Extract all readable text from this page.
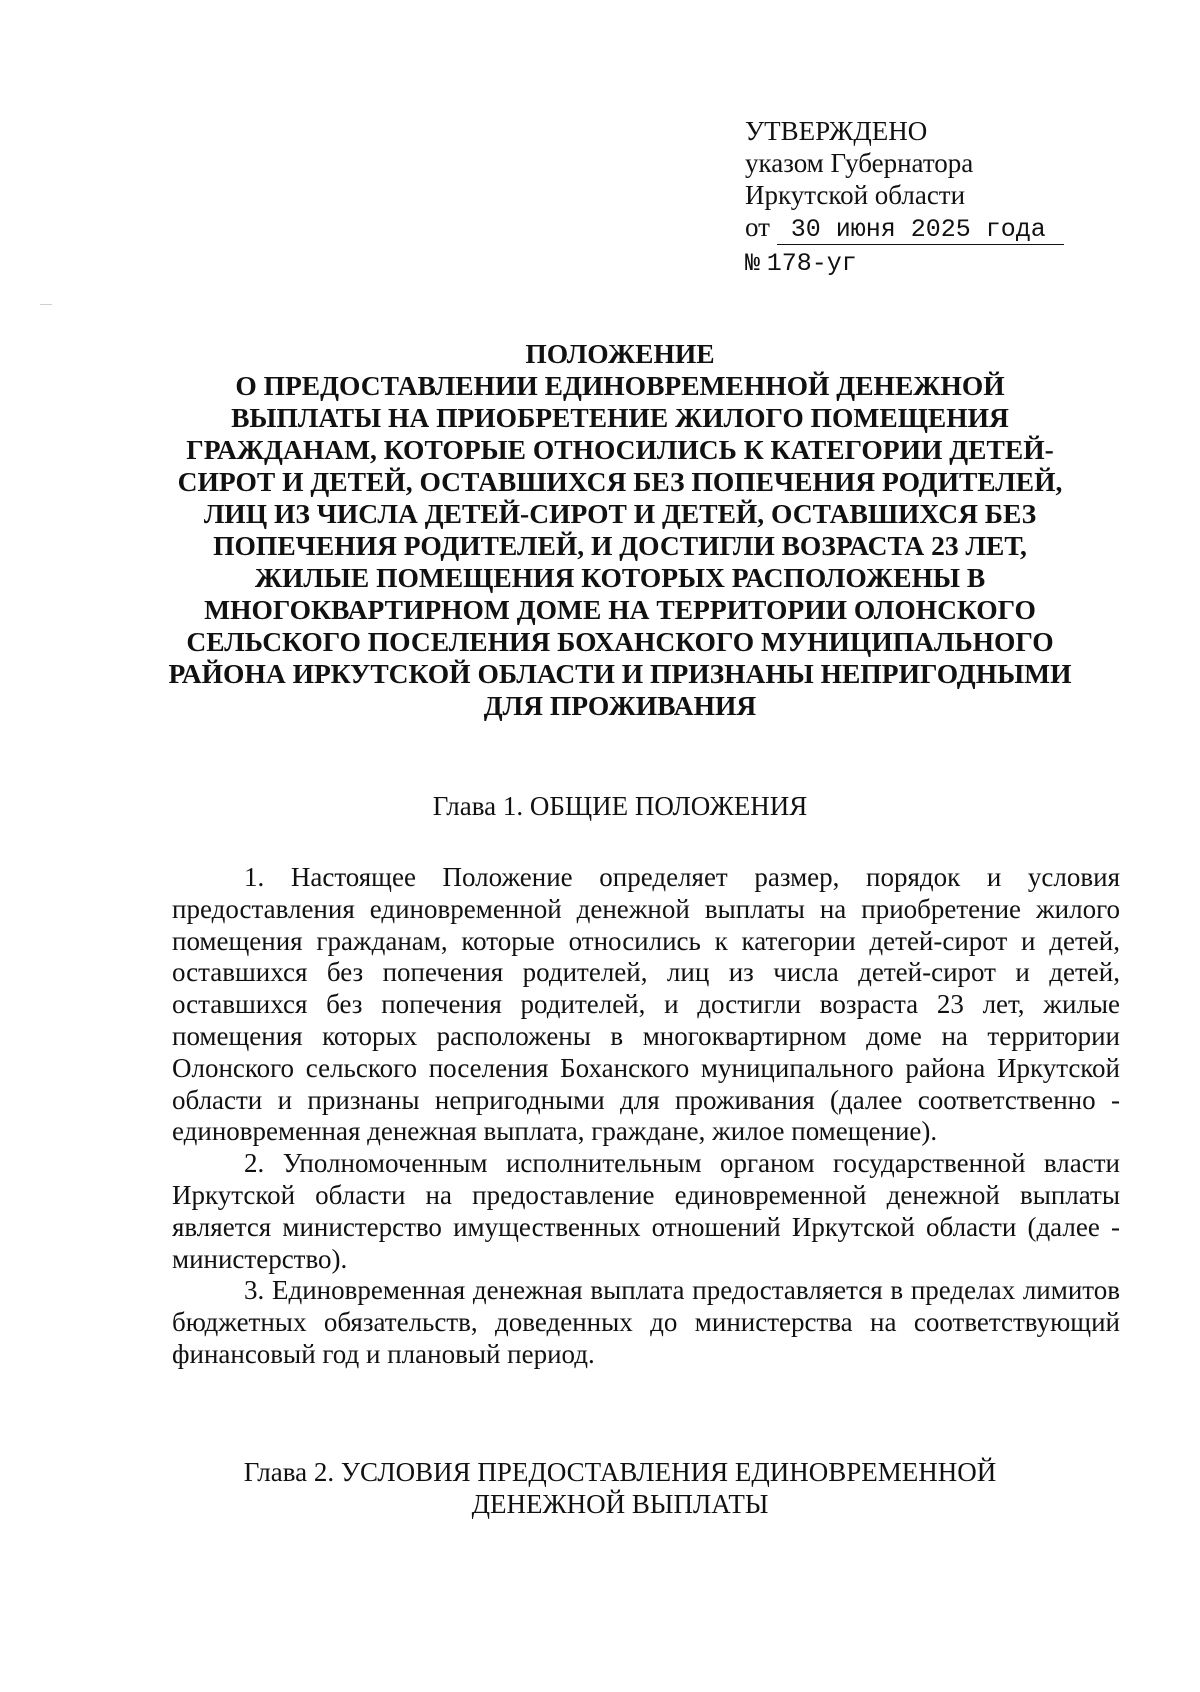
УТВЕРЖДЕНО
указом Губернатора
Иркутской области
от 30 июня 2025 года
№ 178-уг
ПОЛОЖЕНИЕ
О ПРЕДОСТАВЛЕНИИ ЕДИНОВРЕМЕННОЙ ДЕНЕЖНОЙ
ВЫПЛАТЫ НА ПРИОБРЕТЕНИЕ ЖИЛОГО ПОМЕЩЕНИЯ
ГРАЖДАНАМ, КОТОРЫЕ ОТНОСИЛИСЬ К КАТЕГОРИИ ДЕТЕЙ-
СИРОТ И ДЕТЕЙ, ОСТАВШИХСЯ БЕЗ ПОПЕЧЕНИЯ РОДИТЕЛЕЙ,
ЛИЦ ИЗ ЧИСЛА ДЕТЕЙ-СИРОТ И ДЕТЕЙ, ОСТАВШИХСЯ БЕЗ
ПОПЕЧЕНИЯ РОДИТЕЛЕЙ, И ДОСТИГЛИ ВОЗРАСТА 23 ЛЕТ,
ЖИЛЫЕ ПОМЕЩЕНИЯ КОТОРЫХ РАСПОЛОЖЕНЫ В
МНОГОКВАРТИРНОМ ДОМЕ НА ТЕРРИТОРИИ ОЛОНСКОГО
СЕЛЬСКОГО ПОСЕЛЕНИЯ БОХАНСКОГО МУНИЦИПАЛЬНОГО
РАЙОНА ИРКУТСКОЙ ОБЛАСТИ И ПРИЗНАНЫ НЕПРИГОДНЫМИ
ДЛЯ ПРОЖИВАНИЯ
Глава 1. ОБЩИЕ ПОЛОЖЕНИЯ

1. Настоящее Положение определяет размер, порядок и условия предоставления единовременной денежной выплаты на приобретение жилого помещения гражданам, которые относились к категории детей-сирот и детей, оставшихся без попечения родителей, лиц из числа детей-сирот и детей, оставшихся без попечения родителей, и достигли возраста 23 лет, жилые помещения которых расположены в многоквартирном доме на территории Олонского сельского поселения Боханского муниципального района Иркутской области и признаны непригодными для проживания (далее соответственно - единовременная денежная выплата, граждане, жилое помещение).

2. Уполномоченным исполнительным органом государственной власти Иркутской области на предоставление единовременной денежной выплаты является министерство имущественных отношений Иркутской области (далее - министерство).

3. Единовременная денежная выплата предоставляется в пределах лимитов бюджетных обязательств, доведенных до министерства на соответствующий финансовый год и плановый период.

Глава 2. УСЛОВИЯ ПРЕДОСТАВЛЕНИЯ ЕДИНОВРЕМЕННОЙ
ДЕНЕЖНОЙ ВЫПЛАТЫ
